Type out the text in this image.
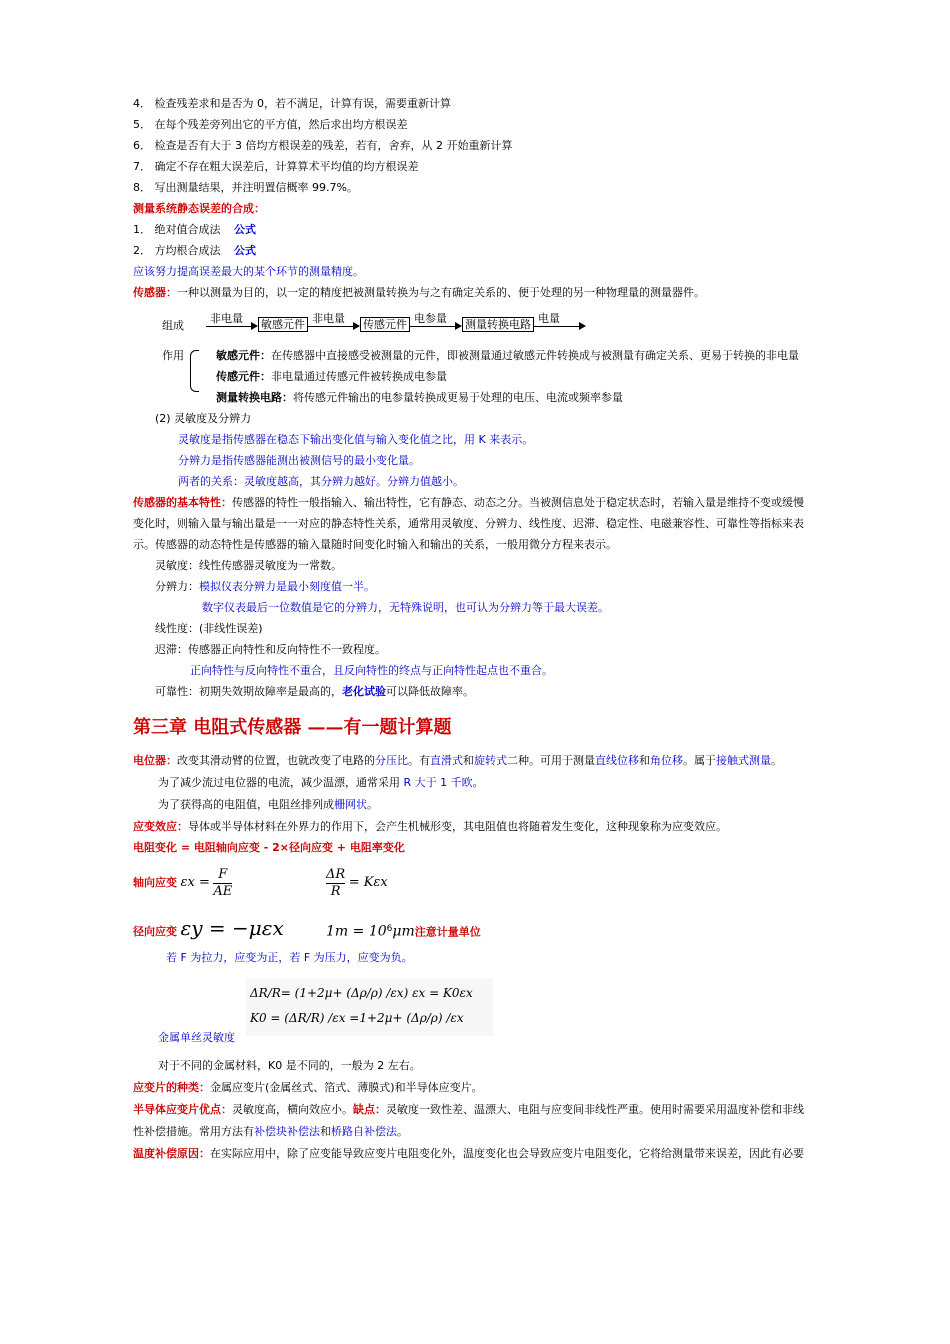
4． 检查残差求和是否为 0，若不满足，计算有误，需要重新计算
5． 在每个残差旁列出它的平方值，然后求出均方根误差
6． 检查是否有大于 3 倍均方根误差的残差，若有，舍弃，从 2 开始重新计算
7． 确定不存在粗大误差后，计算算术平均值的均方根误差
8． 写出测量结果，并注明置信概率 99.7%。
测量系统静态误差的合成：
1． 绝对值合成法 公式
2． 方均根合成法 公式
应该努力提高误差最大的某个环节的测量精度。
传感器：一种以测量为目的，以一定的精度把被测量转换为与之有确定关系的、便于处理的另一种物理量的测量器件。
组成
非电量 敏感元件 非电量 传感元件 电参量 测量转换电路 电量
作用	敏感元件：在传感器中直接感受被测量的元件，即被测量通过敏感元件转换成与被测量有确定关系、更易于转换的非电量
传感元件：非电量通过传感元件被转换成电参量
测量转换电路：将传感元件输出的电参量转换成更易于处理的电压、电流或频率参量
(2) 灵敏度及分辨力
灵敏度是指传感器在稳态下输出变化值与输入变化值之比，用 K 来表示。
分辨力是指传感器能测出被测信号的最小变化量。
两者的关系：灵敏度越高，其分辨力越好。分辨力值越小。
传感器的基本特性：传感器的特性一般指输入、输出特性，它有静态、动态之分。当被测信息处于稳定状态时，若输入量是维持不变或缓慢
变化时，则输入量与输出量是一一对应的静态特性关系，通常用灵敏度、分辨力、线性度、迟滞、稳定性、电磁兼容性、可靠性等指标来表
示。传感器的动态特性是传感器的输入量随时间变化时输入和输出的关系，一般用微分方程来表示。
灵敏度：线性传感器灵敏度为一常数。
分辨力：模拟仪表分辨力是最小刻度值一半。
数字仪表最后一位数值是它的分辨力，无特殊说明，也可认为分辨力等于最大误差。
线性度：(非线性误差)
迟滞：传感器正向特性和反向特性不一致程度。
正向特性与反向特性不重合，且反向特性的终点与正向特性起点也不重合。
可靠性：初期失效期故障率是最高的，老化试验可以降低故障率。
第三章 电阻式传感器 ——有一题计算题
电位器：改变其滑动臂的位置，也就改变了电路的分压比。有直滑式和旋转式二种。可用于测量直线位移和角位移。属于接触式测量。
为了减少流过电位器的电流，减少温漂，通常采用 R 大于 1 千欧。
为了获得高的电阻值，电阻丝排列成栅网状。
应变效应：导体或半导体材料在外界力的作用下，会产生机械形变，其电阻值也将随着发生变化，这种现象称为应变效应。
电阻变化 = 电阻轴向应变 - 2×径向应变 + 电阻率变化
轴向应变 $\varepsilon x = \frac{F}{AE}$	$\frac{\Delta R}{R} = K\varepsilon x$
径向应变 εy = −μεx	$1m = 10^6\mu m$注意计量单位
若 F 为拉力，应变为正，若 F 为压力，应变为负。
ΔR/R= (1+2μ+ (Δρ/ρ) /εx) εx = K0εx
K0 = (ΔR/R) /εx =1+2μ+ (Δρ/ρ) /εx
金属单丝灵敏度
对于不同的金属材料，K0 是不同的，一般为 2 左右。
应变片的种类：金属应变片(金属丝式、箔式、薄膜式)和半导体应变片。
半导体应变片优点：灵敏度高，横向效应小。缺点：灵敏度一致性差、温漂大、电阻与应变间非线性严重。使用时需要采用温度补偿和非线
性补偿措施。常用方法有补偿块补偿法和桥路自补偿法。
温度补偿原因：在实际应用中，除了应变能导致应变片电阻变化外，温度变化也会导致应变片电阻变化，它将给测量带来误差，因此有必要
